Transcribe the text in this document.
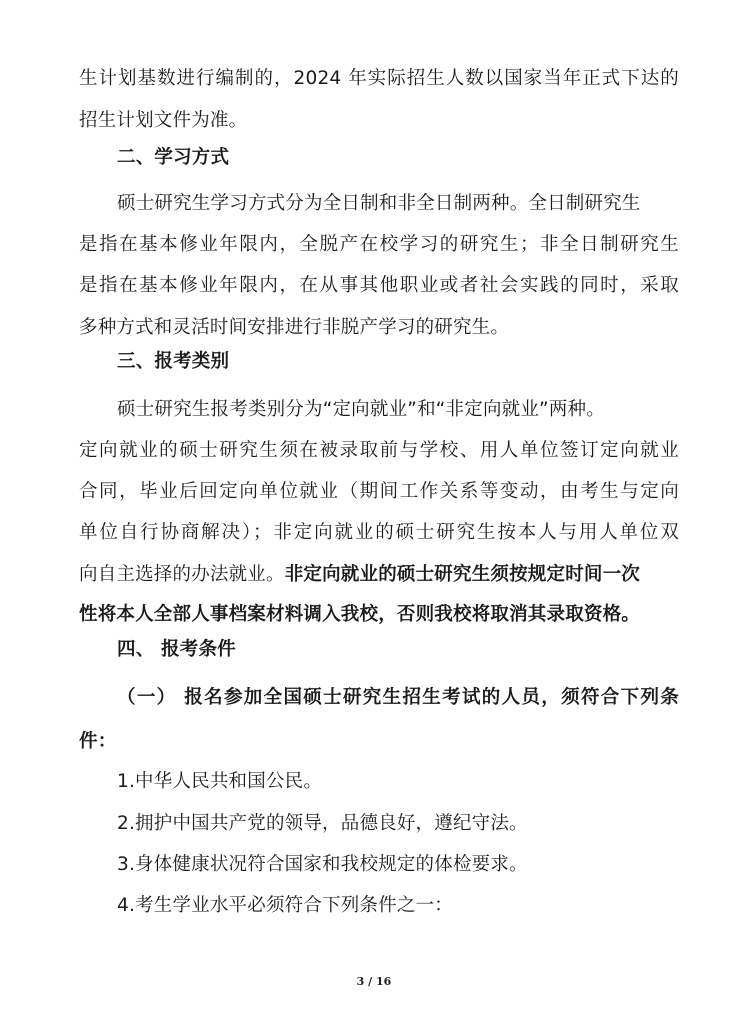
生计划基数进行编制的，2024 年实际招生人数以国家当年正式下达的
招生计划文件为准。
二、学习方式
硕士研究生学习方式分为全日制和非全日制两种。全日制研究生
是指在基本修业年限内，全脱产在校学习的研究生；非全日制研究生
是指在基本修业年限内，在从事其他职业或者社会实践的同时，采取
多种方式和灵活时间安排进行非脱产学习的研究生。
三、报考类别
硕士研究生报考类别分为“定向就业”和“非定向就业”两种。
定向就业的硕士研究生须在被录取前与学校、用人单位签订定向就业
合同，毕业后回定向单位就业（期间工作关系等变动，由考生与定向
单位自行协商解决）；非定向就业的硕士研究生按本人与用人单位双
向自主选择的办法就业。非定向就业的硕士研究生须按规定时间一次
性将本人全部人事档案材料调入我校，否则我校将取消其录取资格。
四、 报考条件
（一） 报名参加全国硕士研究生招生考试的人员，须符合下列条
件：
1.中华人民共和国公民。
2.拥护中国共产党的领导，品德良好，遵纪守法。
3.身体健康状况符合国家和我校规定的体检要求。
4.考生学业水平必须符合下列条件之一：
3 / 16
